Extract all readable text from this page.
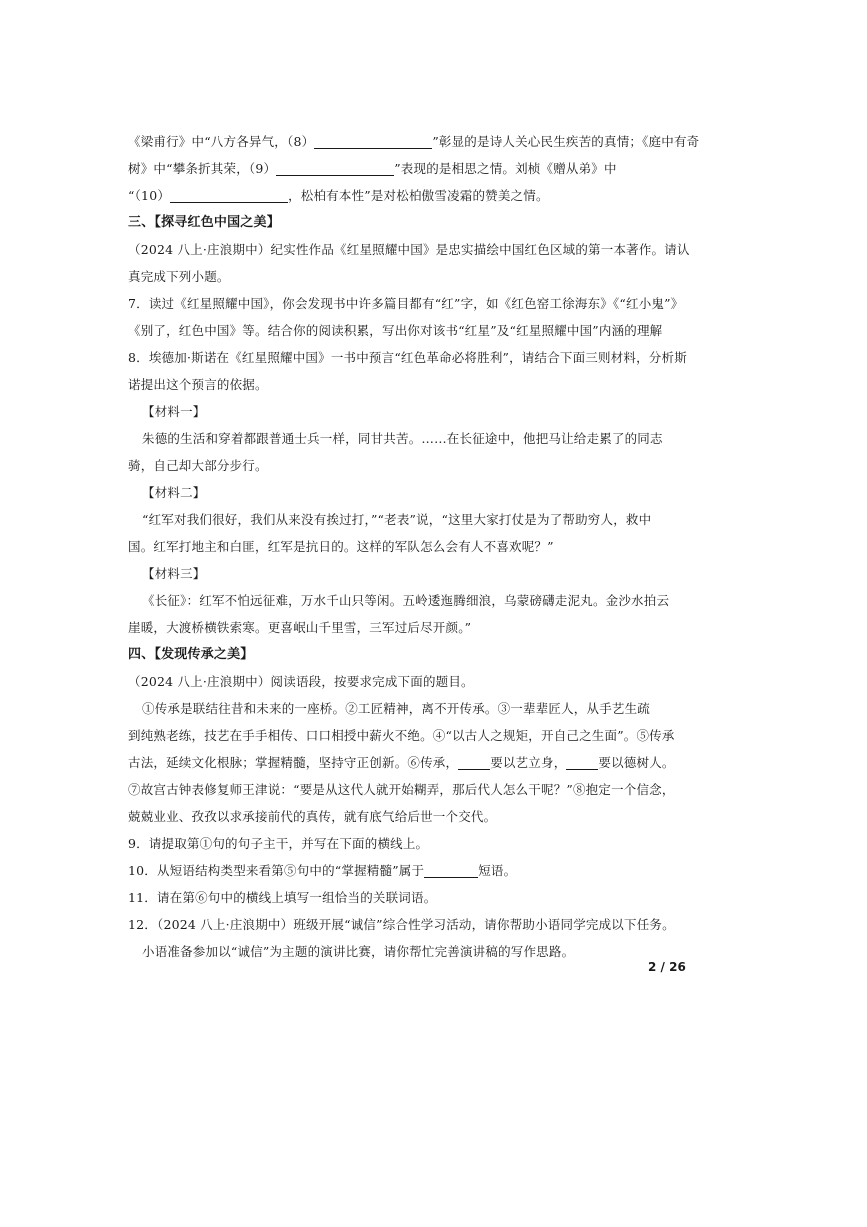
《梁甫行》中“八方各异气，（8）	”彰显的是诗人关心民生疾苦的真情；《庭中有奇
树》中“攀条折其荣，（9）	”表现的是相思之情。刘桢《赠从弟》中
“（10）	，松柏有本性”是对松柏傲雪凌霜的赞美之情。
三、【探寻红色中国之美】
（2024 八上·庄浪期中）纪实性作品《红星照耀中国》是忠实描绘中国红色区域的第一本著作。请认
真完成下列小题。
7．读过《红星照耀中国》，你会发现书中许多篇目都有“红”字，如《红色窑工徐海东》《“红小鬼”》
《别了，红色中国》等。结合你的阅读积累，写出你对该书“红星”及“红星照耀中国”内涵的理解
8．埃德加·斯诺在《红星照耀中国》一书中预言“红色革命必将胜利”，请结合下面三则材料，分析斯
诺提出这个预言的依据。
【材料一】
朱德的生活和穿着都跟普通士兵一样，同甘共苦。……在长征途中，他把马让给走累了的同志
骑，自己却大部分步行。
【材料二】
“红军对我们很好，我们从来没有挨过打，”“老表”说，“这里大家打仗是为了帮助穷人，救中
国。红军打地主和白匪，红军是抗日的。这样的军队怎么会有人不喜欢呢？”
【材料三】
《长征》：红军不怕远征难，万水千山只等闲。五岭逶迤腾细浪，乌蒙磅礴走泥丸。金沙水拍云
崖暖，大渡桥横铁索寒。更喜岷山千里雪，三军过后尽开颜。”
四、【发现传承之美】
（2024 八上·庄浪期中）阅读语段，按要求完成下面的题目。
①传承是联结往昔和未来的一座桥。②工匠精神，离不开传承。③一辈辈匠人，从手艺生疏
到纯熟老练，技艺在手手相传、口口相授中薪火不绝。④“以古人之规矩，开自己之生面”。⑤传承
古法，延续文化根脉；掌握精髓，坚持守正创新。⑥传承，	要以艺立身，	要以德树人。
⑦故宫古钟表修复师王津说：“要是从这代人就开始糊弄，那后代人怎么干呢？”⑧抱定一个信念，
兢兢业业、孜孜以求承接前代的真传，就有底气给后世一个交代。
9．请提取第①句的句子主干，并写在下面的横线上。
10．从短语结构类型来看第⑤句中的“掌握精髓”属于	短语。
11．请在第⑥句中的横线上填写一组恰当的关联词语。
12．（2024 八上·庄浪期中）班级开展“诚信”综合性学习活动，请你帮助小语同学完成以下任务。
小语准备参加以“诚信”为主题的演讲比赛，请你帮忙完善演讲稿的写作思路。
2 / 26
